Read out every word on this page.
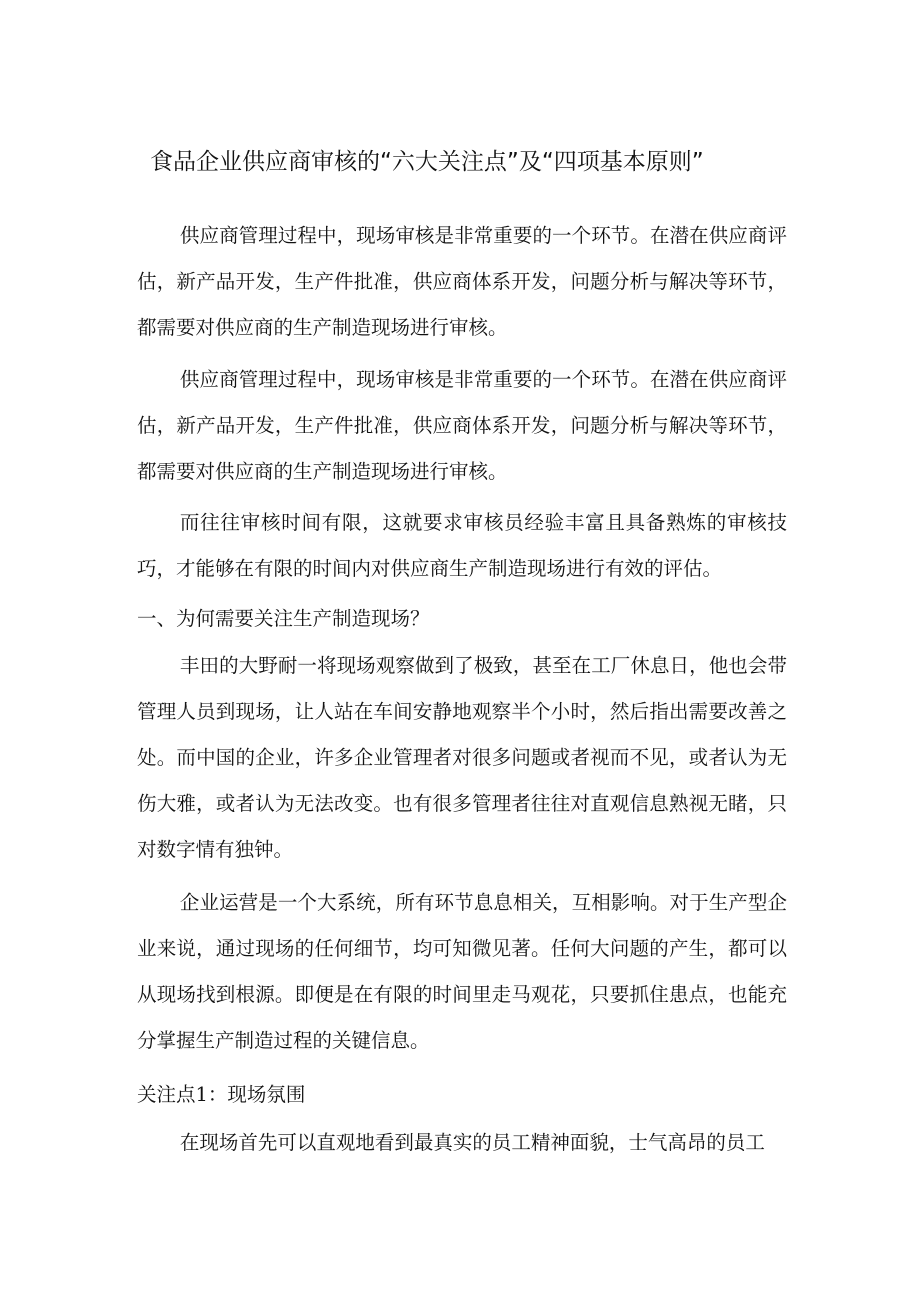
食品企业供应商审核的“六大关注点”及“四项基本原则”

供应商管理过程中，现场审核是非常重要的一个环节。在潜在供应商评估，新产品开发，生产件批准，供应商体系开发，问题分析与解决等环节，都需要对供应商的生产制造现场进行审核。

供应商管理过程中，现场审核是非常重要的一个环节。在潜在供应商评估，新产品开发，生产件批准，供应商体系开发，问题分析与解决等环节，都需要对供应商的生产制造现场进行审核。

而往往审核时间有限，这就要求审核员经验丰富且具备熟炼的审核技巧，才能够在有限的时间内对供应商生产制造现场进行有效的评估。

一、为何需要关注生产制造现场？

丰田的大野耐一将现场观察做到了极致，甚至在工厂休息日，他也会带管理人员到现场，让人站在车间安静地观察半个小时，然后指出需要改善之处。而中国的企业，许多企业管理者对很多问题或者视而不见，或者认为无伤大雅，或者认为无法改变。也有很多管理者往往对直观信息熟视无睹，只对数字情有独钟。

企业运营是一个大系统，所有环节息息相关，互相影响。对于生产型企业来说，通过现场的任何细节，均可知微见著。任何大问题的产生，都可以从现场找到根源。即便是在有限的时间里走马观花，只要抓住患点，也能充分掌握生产制造过程的关键信息。

关注点1：现场氛围

在现场首先可以直观地看到最真实的员工精神面貌，士气高昂的员工
